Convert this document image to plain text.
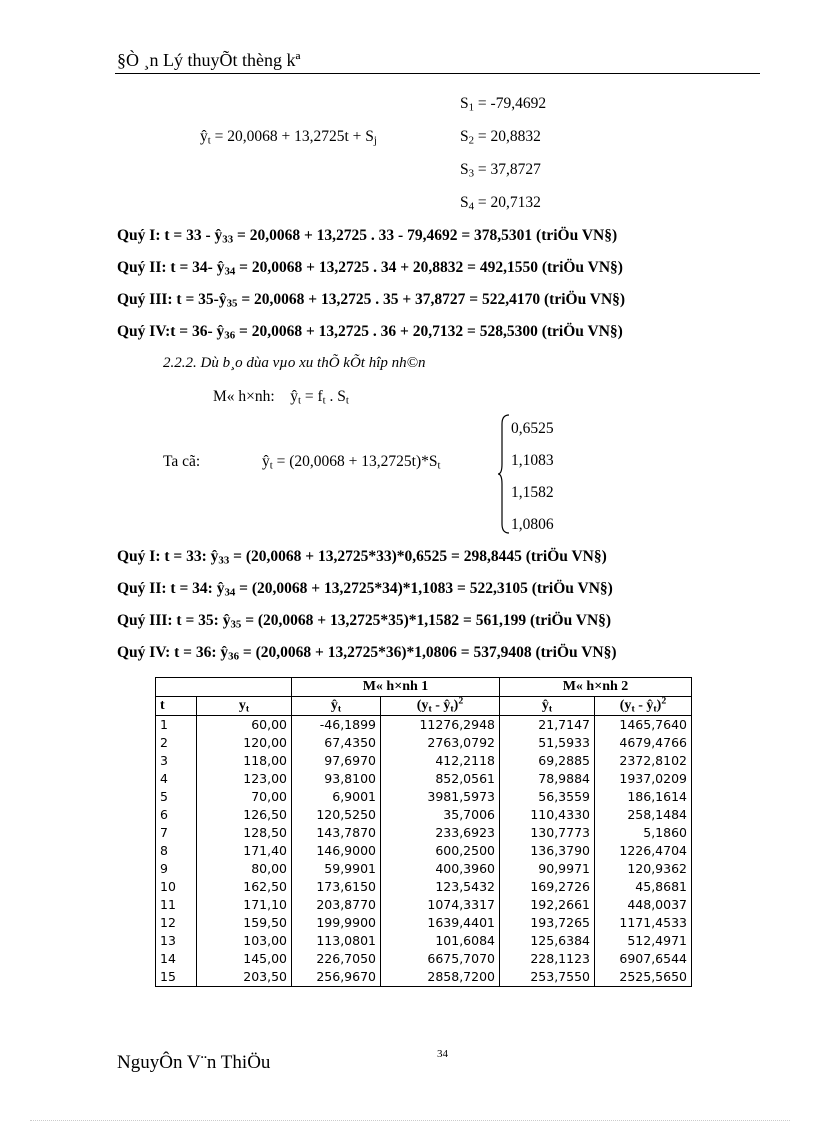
§Ò ¸n Lý thuyÕt thèng kª
$ŷ_t = 20,0068 + 13,2725t + S_j$
$S_1 = -79,4692$
$S_2 = 20,8832$
$S_3 = 37,8727$
$S_4 = 20,7132$
Quý I: $t = 33 - ŷ_{33} = 20,0068 + 13,2725$ . 33 - 79,4692 = 378,5301 (triÖu VN§)
Quý II: t = 34- $ŷ_{34} = 20,0068 + 13,2725$ . 34 + 20,8832 = 492,1550 (triÖu VN§)
Quý III: $t = 35-ŷ_{35} = 20,0068 + 13,2725$ . 35 + 37,8727 = 522,4170 (triÖu VN§)
Quý IV:t = 36- $ŷ_{36} = 20,0068 + 13,2725$ . 36 + 20,7132 = 528,5300 (triÖu VN§)
2.2.2. Dù b¸o dùa vµo xu thÕ kÕt hîp nh©n
M« h×nh:    $ŷ_t = f_t$ . $S_t$
Ta cã:	$ŷ_t = (20,0068 + 13,2725t)*S_t$
0,6525
1,1083
1,1582
1,0806
Quý I: t = 33: $ŷ_{33} = (20,0068 + 13,2725*33)*0,6525 = 298,8445$ (triÖu VN§)
Quý II: t = 34: $ŷ_{34} = (20,0068 + 13,2725*34)*1,1083 = 522,3105$ (triÖu VN§)
Quý III: t = 35: $ŷ_{35} = (20,0068 + 13,2725*35)*1,1582 = 561,199$ (triÖu VN§)
Quý IV: t = 36: $ŷ_{36} = (20,0068 + 13,2725*36)*1,0806 = 537,9408$ (triÖu VN§)
		M« h×nh 1		M« h×nh 2	
t	$y_t$	$ŷ_t$	($y_t$ - $ŷ_t)^2$	$ŷ_t$	($y_t$ - $ŷ_t)^2$
1	60,00	-46,1899	11276,2948	21,7147	1465,7640
2	120,00	67,4350	2763,0792	51,5933	4679,4766
3	118,00	97,6970	412,2118	69,2885	2372,8102
4	123,00	93,8100	852,0561	78,9884	1937,0209
5	70,00	6,9001	3981,5973	56,3559	186,1614
6	126,50	120,5250	35,7006	110,4330	258,1484
7	128,50	143,7870	233,6923	130,7773	5,1860
8	171,40	146,9000	600,2500	136,3790	1226,4704
9	80,00	59,9901	400,3960	90,9971	120,9362
10	162,50	173,6150	123,5432	169,2726	45,8681
11	171,10	203,8770	1074,3317	192,2661	448,0037
12	159,50	199,9900	1639,4401	193,7265	1171,4533
13	103,00	113,0801	101,6084	125,6384	512,4971
14	145,00	226,7050	6675,7070	228,1123	6907,6544
15	203,50	256,9670	2858,7200	253,7550	2525,5650
NguyÔn V¨n ThiÖu	34
